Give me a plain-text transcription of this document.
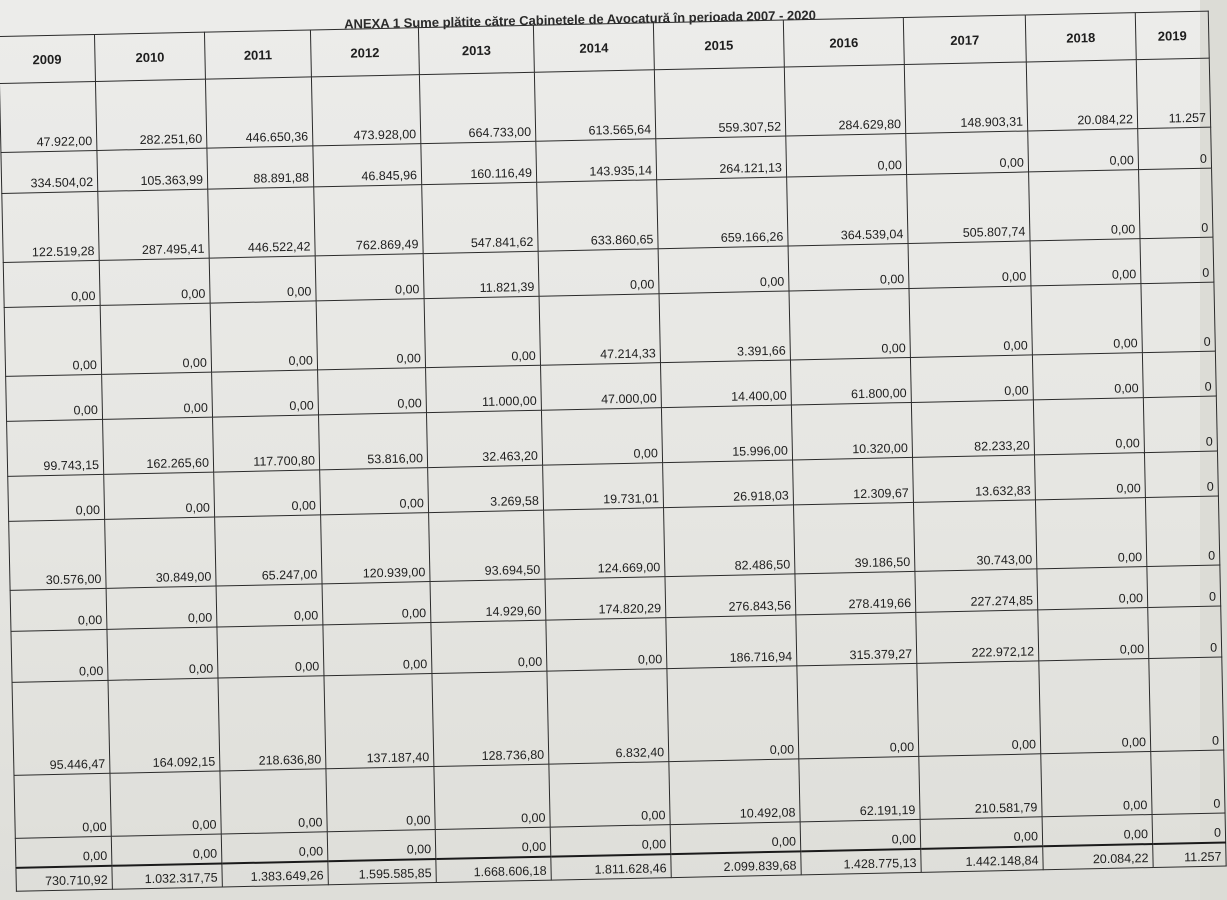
ANEXA 1 Sume plătite către Cabinetele de Avocatură în perioada 2007 - 2020
2009	2010	2011	2012	2013	2014	2015	2016	2017	2018	2019
47.922,00	282.251,60	446.650,36	473.928,00	664.733,00	613.565,64	559.307,52	284.629,80	148.903,31	20.084,22	11.257
334.504,02	105.363,99	88.891,88	46.845,96	160.116,49	143.935,14	264.121,13	0,00	0,00	0,00	0
122.519,28	287.495,41	446.522,42	762.869,49	547.841,62	633.860,65	659.166,26	364.539,04	505.807,74	0,00	0
0,00	0,00	0,00	0,00	11.821,39	0,00	0,00	0,00	0,00	0,00	0
0,00	0,00	0,00	0,00	0,00	47.214,33	3.391,66	0,00	0,00	0,00	0
0,00	0,00	0,00	0,00	11.000,00	47.000,00	14.400,00	61.800,00	0,00	0,00	0
99.743,15	162.265,60	117.700,80	53.816,00	32.463,20	0,00	15.996,00	10.320,00	82.233,20	0,00	0
0,00	0,00	0,00	0,00	3.269,58	19.731,01	26.918,03	12.309,67	13.632,83	0,00	0
30.576,00	30.849,00	65.247,00	120.939,00	93.694,50	124.669,00	82.486,50	39.186,50	30.743,00	0,00	0
0,00	0,00	0,00	0,00	14.929,60	174.820,29	276.843,56	278.419,66	227.274,85	0,00	0
0,00	0,00	0,00	0,00	0,00	0,00	186.716,94	315.379,27	222.972,12	0,00	0
95.446,47	164.092,15	218.636,80	137.187,40	128.736,80	6.832,40	0,00	0,00	0,00	0,00	0
0,00	0,00	0,00	0,00	0,00	0,00	10.492,08	62.191,19	210.581,79	0,00	0
0,00	0,00	0,00	0,00	0,00	0,00	0,00	0,00	0,00	0,00	0
730.710,92	1.032.317,75	1.383.649,26	1.595.585,85	1.668.606,18	1.811.628,46	2.099.839,68	1.428.775,13	1.442.148,84	20.084,22	11.257
